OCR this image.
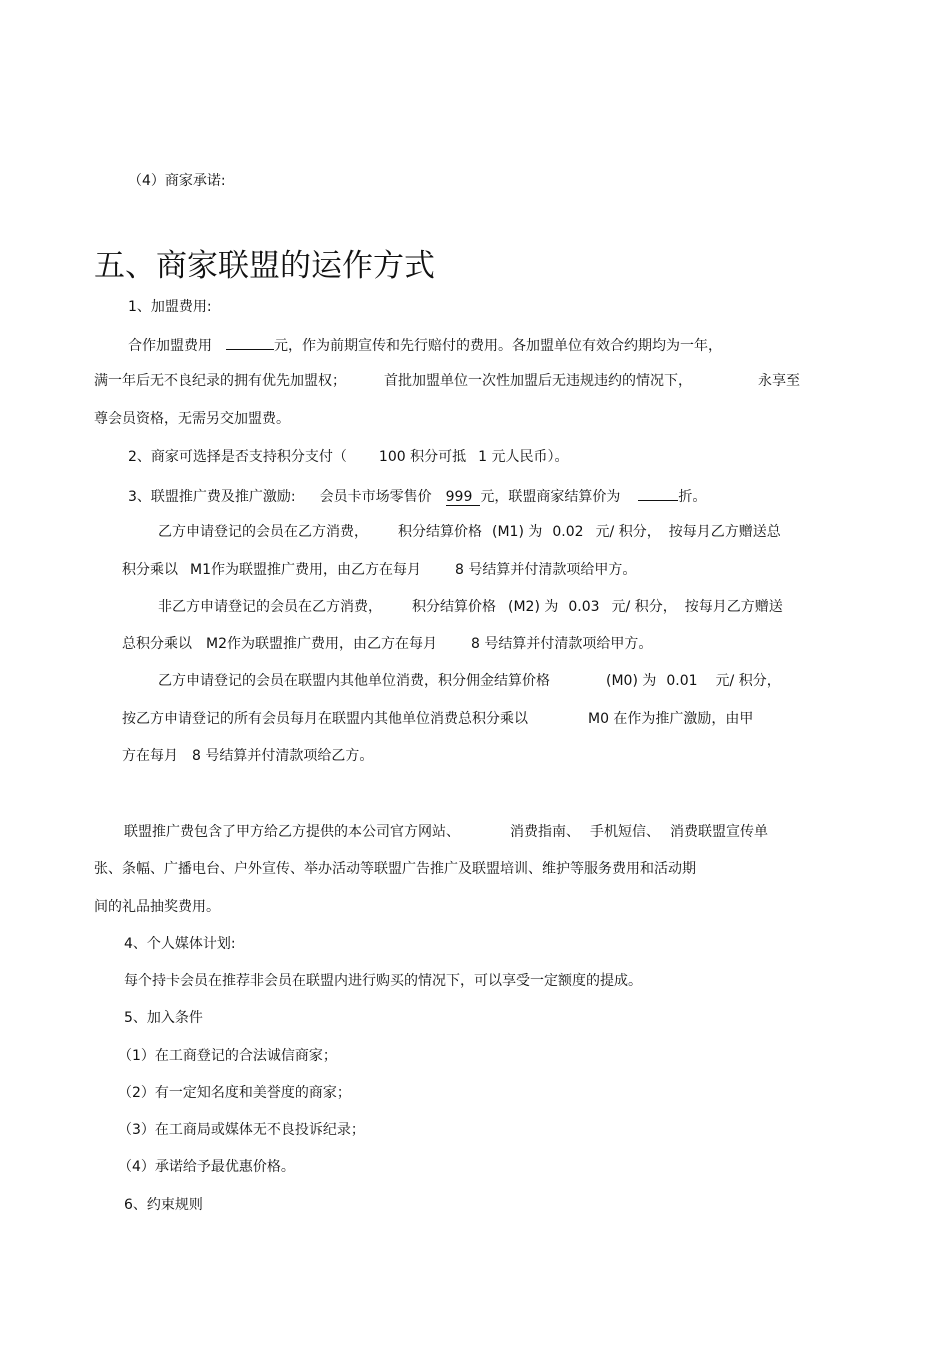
（4）商家承诺:
五、商家联盟的运作方式
1、加盟费用:
合作加盟费用	元，作为前期宣传和先行赔付的费用。各加盟单位有效合约期均为一年，
满一年后无不良纪录的拥有优先加盟权；	首批加盟单位一次性加盟后无违规违约的情况下，	永享至
尊会员资格，无需另交加盟费。
2、商家可选择是否支持积分支付（ 100 积分可抵 1 元人民币）。
3、联盟推广费及推广激励: 会员卡市场零售价 999 元，联盟商家结算价为	折。
乙方申请登记的会员在乙方消费， 积分结算价格 (M1) 为 0.02 元/ 积分， 按每月乙方赠送总
积分乘以 M1作为联盟推广费用，由乙方在每月 8 号结算并付清款项给甲方。
非乙方申请登记的会员在乙方消费， 积分结算价格 (M2) 为 0.03 元/ 积分， 按每月乙方赠送
总积分乘以 M2作为联盟推广费用，由乙方在每月 8 号结算并付清款项给甲方。
乙方申请登记的会员在联盟内其他单位消费，积分佣金结算价格	(M0) 为 0.01 元/ 积分，
按乙方申请登记的所有会员每月在联盟内其他单位消费总积分乘以	M0 在作为推广激励，由甲
方在每月 8 号结算并付清款项给乙方。
联盟推广费包含了甲方给乙方提供的本公司官方网站、	消费指南、 手机短信、 消费联盟宣传单
张、条幅、广播电台、户外宣传、举办活动等联盟广告推广及联盟培训、维护等服务费用和活动期
间的礼品抽奖费用。
4、个人媒体计划:
每个持卡会员在推荐非会员在联盟内进行购买的情况下，可以享受一定额度的提成。
5、加入条件
（1）在工商登记的合法诚信商家；
（2）有一定知名度和美誉度的商家；
（3）在工商局或媒体无不良投诉纪录；
（4）承诺给予最优惠价格。
6、约束规则
